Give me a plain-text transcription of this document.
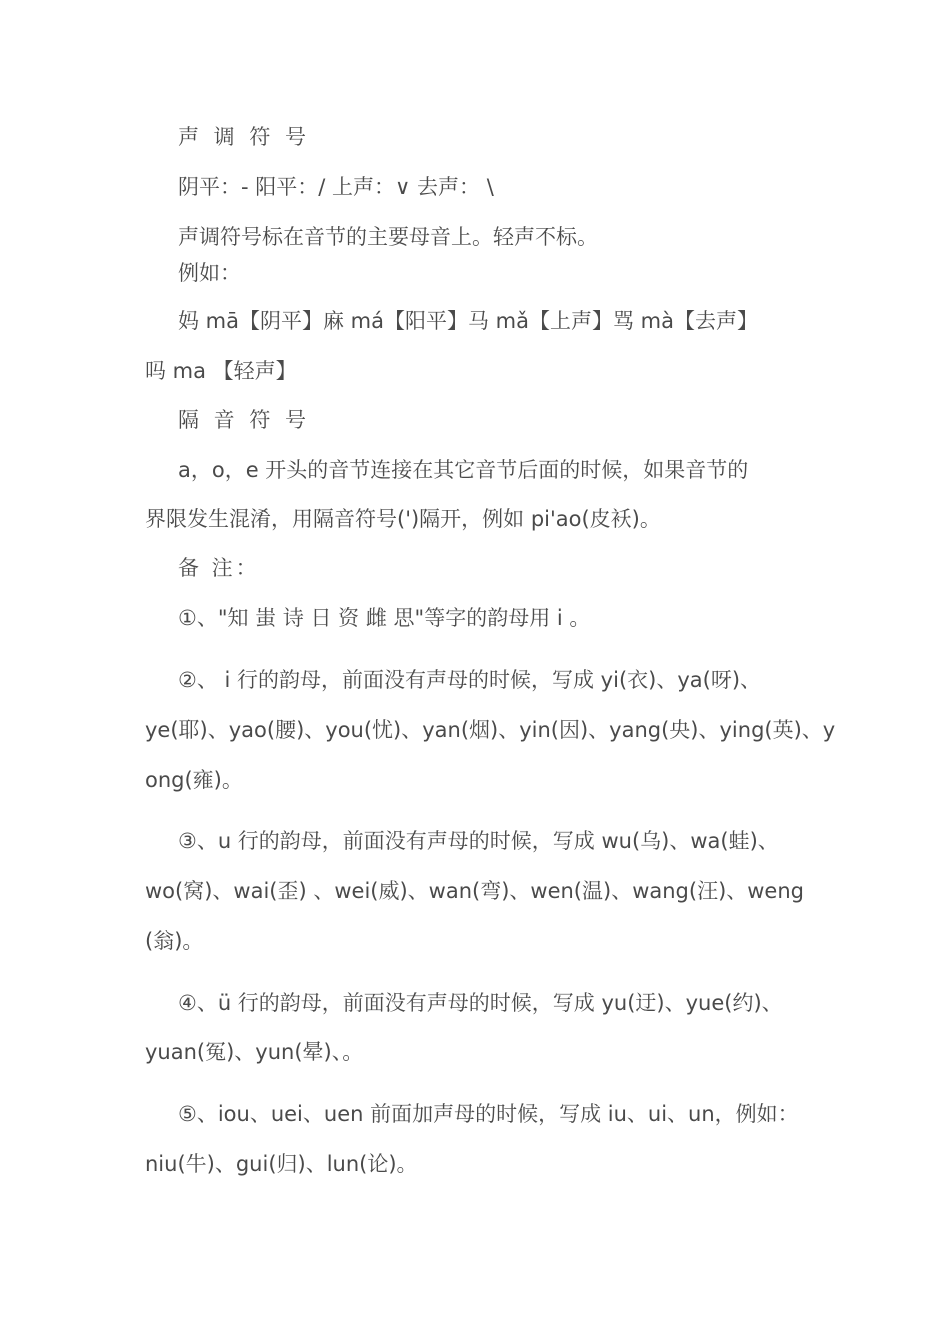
声 调 符 号
阴平：- 阳平：/ 上声：∨ 去声： \
声调符号标在音节的主要母音上。轻声不标。
例如：
妈 mā【阴平】麻 má【阳平】马 mǎ【上声】骂 mà【去声】
吗 ma 【轻声】
隔 音 符 号
a，o，e 开头的音节连接在其它音节后面的时候，如果音节的
界限发生混淆，用隔音符号(')隔开，例如 pi'ao(皮袄)。
备 注：
①、"知 蚩 诗 日 资 雌 思"等字的韵母用 i 。
②、 i 行的韵母，前面没有声母的时候，写成 yi(衣)、ya(呀)、
ye(耶)、yao(腰)、you(忧)、yan(烟)、yin(因)、yang(央)、ying(英)、y
ong(雍)。
③、u 行的韵母，前面没有声母的时候，写成 wu(乌)、wa(蛙)、
wo(窝)、wai(歪) 、wei(威)、wan(弯)、wen(温)、wang(汪)、weng
(翁)。
④、ü 行的韵母，前面没有声母的时候，写成 yu(迂)、yue(约)、
yuan(冤)、yun(晕)、。
⑤、iou、uei、uen 前面加声母的时候，写成 iu、ui、un，例如：
niu(牛)、gui(归)、lun(论)。
